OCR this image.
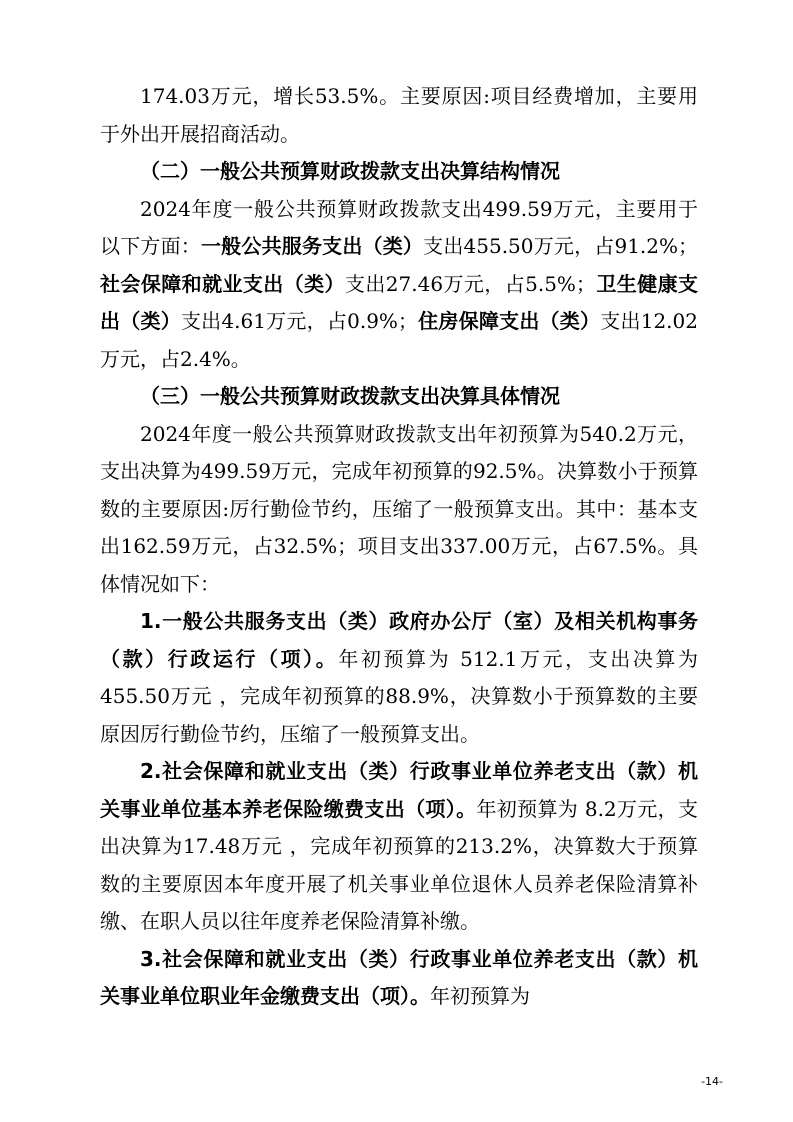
174.03万元，增长53.5%。主要原因:项目经费增加，主要用于外出开展招商活动。

（二）一般公共预算财政拨款支出决算结构情况

2024年度一般公共预算财政拨款支出499.59万元，主要用于以下方面：一般公共服务支出（类）支出455.50万元，占91.2%；社会保障和就业支出（类）支出27.46万元，占5.5%；卫生健康支出（类）支出4.61万元，占0.9%；住房保障支出（类）支出12.02万元，占2.4%。

（三）一般公共预算财政拨款支出决算具体情况

2024年度一般公共预算财政拨款支出年初预算为540.2万元，支出决算为499.59万元，完成年初预算的92.5%。决算数小于预算数的主要原因:厉行勤俭节约，压缩了一般预算支出。其中：基本支出162.59万元，占32.5%；项目支出337.00万元，占67.5%。具体情况如下：

1.一般公共服务支出（类）政府办公厅（室）及相关机构事务（款）行政运行（项）。年初预算为 512.1万元，支出决算为455.50万元 ，完成年初预算的88.9%，决算数小于预算数的主要原因厉行勤俭节约，压缩了一般预算支出。

2.社会保障和就业支出（类）行政事业单位养老支出（款）机关事业单位基本养老保险缴费支出（项）。年初预算为 8.2万元，支出决算为17.48万元 ，完成年初预算的213.2%，决算数大于预算数的主要原因本年度开展了机关事业单位退休人员养老保险清算补缴、在职人员以往年度养老保险清算补缴。

3.社会保障和就业支出（类）行政事业单位养老支出（款）机关事业单位职业年金缴费支出（项）。年初预算为

-14-
